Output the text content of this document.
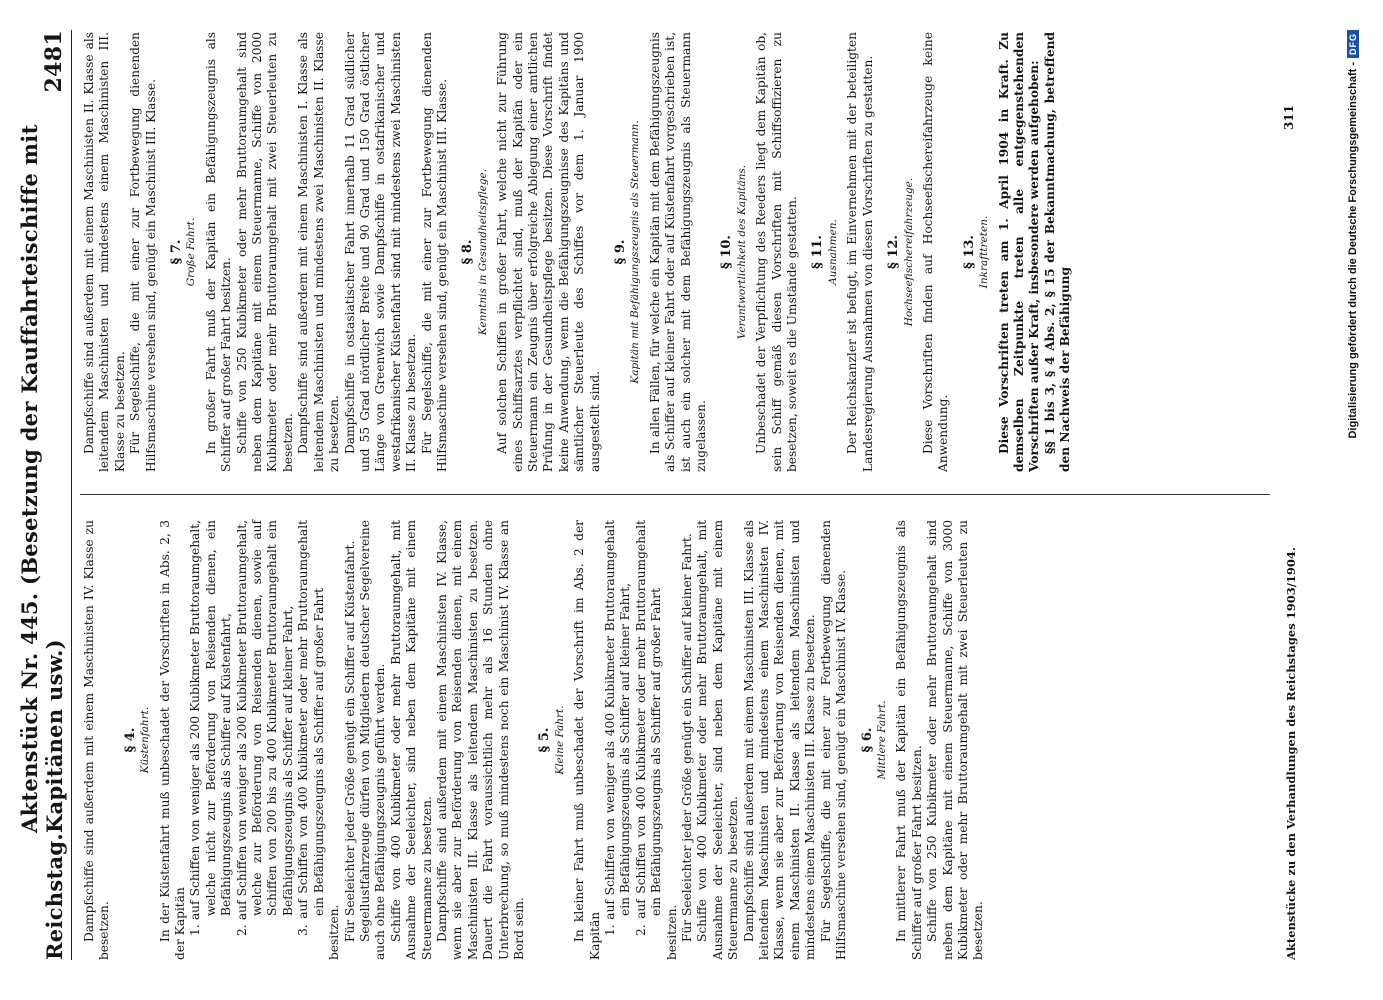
Reichstag.
Aktenstück Nr. 445. (Besetzung der Kauffahrteischiffe mit Kapitänen usw.)
2481

Dampfschiffe sind außerdem mit einem Maschinisten IV. Klasse zu besetzen.

§ 4. Küstenfahrt. In der Küstenfahrt muß unbeschadet der Vorschriften in Abs. 2, 3 der Kapitän 1. auf Schiffen von weniger als 200 Kubikmeter Bruttoraumgehalt, welche nicht zur Beförderung von Reisenden dienen, ein Befähigungszeugnis als Schiffer auf Küstenfahrt, 2. auf Schiffen von weniger als 200 Kubikmeter Bruttoraumgehalt, welche zur Beförderung von Reisenden dienen, sowie auf Schiffen von 200 bis zu 400 Kubikmeter Bruttoraumgehalt ein Befähigungszeugnis als Schiffer auf kleiner Fahrt, 3. auf Schiffen von 400 Kubikmeter oder mehr Bruttoraumgehalt ein Befähigungszeugnis als Schiffer auf großer Fahrt

besitzen. Für Seeleichter jeder Größe genügt ein Schiffer auf Küstenfahrt. Segellustfahrzeuge dürfen von Mitgliedern deutscher Segelvereine auch ohne Befähigungszeugnis geführt werden. Schiffe von 400 Kubikmeter oder mehr Bruttoraumgehalt, mit Ausnahme der Seeleichter, sind neben dem Kapitäne mit einem Steuermanne zu besetzen. Dampfschiffe sind außerdem mit einem Maschinisten IV. Klasse, wenn sie aber zur Beförderung von Reisenden dienen, mit einem Maschinisten III. Klasse als leitendem Maschinisten zu besetzen. Dauert die Fahrt voraussichtlich mehr als 16 Stunden ohne Unterbrechung, so muß mindestens noch ein Maschinist IV. Klasse an Bord sein.

§ 5. Kleine Fahrt. In kleiner Fahrt muß unbeschadet der Vorschrift im Abs. 2 der Kapitän 1. auf Schiffen von weniger als 400 Kubikmeter Bruttoraumgehalt ein Befähigungszeugnis als Schiffer auf kleiner Fahrt, 2. auf Schiffen von 400 Kubikmeter oder mehr Bruttoraumgehalt ein Befähigungszeugnis als Schiffer auf großer Fahrt

besitzen. Für Seeleichter jeder Größe genügt ein Schiffer auf kleiner Fahrt. Schiffe von 400 Kubikmeter oder mehr Bruttoraumgehalt, mit Ausnahme der Seeleichter, sind neben dem Kapitäne mit einem Steuermanne zu besetzen. Dampfschiffe sind außerdem mit einem Maschinisten III. Klasse als leitendem Maschinisten und mindestens einem Maschinisten IV. Klasse, wenn sie aber zur Beförderung von Reisenden dienen, mit einem Maschinisten II. Klasse als leitendem Maschinisten und mindestens einem Maschinisten III. Klasse zu besetzen. Für Segelschiffe, die mit einer zur Fortbewegung dienenden Hilfsmaschine versehen sind, genügt ein Maschinist IV. Klasse. § 6. Mittlere Fahrt. In mittlerer Fahrt muß der Kapitän ein Befähigungszeugnis als Schiffer auf großer Fahrt besitzen. Schiffe von 250 Kubikmeter oder mehr Bruttoraumgehalt sind neben dem Kapitäne mit einem Steuermanne, Schiffe von 3000 Kubikmeter oder mehr Bruttoraumgehalt mit zwei Steuerleuten zu besetzen.

Dampfschiffe sind außerdem mit einem Maschinisten II. Klasse als leitendem Maschinisten und mindestens einem Maschinisten III. Klasse zu besetzen. Für Segelschiffe, die mit einer zur Fortbewegung dienenden Hilfsmaschine versehen sind, genügt ein Maschinist III. Klasse. § 7. Große Fahrt. In großer Fahrt muß der Kapitän ein Befähigungszeugnis als Schiffer auf großer Fahrt besitzen. Schiffe von 250 Kubikmeter oder mehr Bruttoraumgehalt sind neben dem Kapitäne mit einem Steuermanne, Schiffe von 2000 Kubikmeter oder mehr Bruttoraumgehalt mit zwei Steuerleuten zu besetzen. Dampfschiffe sind außerdem mit einem Maschinisten I. Klasse als leitendem Maschinisten und mindestens zwei Maschinisten II. Klasse zu besetzen. Dampfschiffe in ostasiatischer Fahrt innerhalb 11 Grad südlicher und 55 Grad nördlicher Breite und 90 Grad und 150 Grad östlicher Länge von Greenwich sowie Dampfschiffe in ostafrikanischer und westafrikanischer Küstenfahrt sind mit mindestens zwei Maschinisten II. Klasse zu besetzen. Für Segelschiffe, die mit einer zur Fortbewegung dienenden Hilfsmaschine versehen sind, genügt ein Maschinist III. Klasse. § 8. Kenntnis in Gesundheitspflege. Auf solchen Schiffen in großer Fahrt, welche nicht zur Führung eines Schiffsarztes verpflichtet sind, muß der Kapitän oder ein Steuermann ein Zeugnis über erfolgreiche Ablegung einer amtlichen Prüfung in der Gesundheitspflege besitzen. Diese Vorschrift findet keine Anwendung, wenn die Befähigungszeugnisse des Kapitäns und sämtlicher Steuerleute des Schiffes vor dem 1. Januar 1900 ausgestellt sind.

§ 9. Kapitän mit Befähigungszeugnis als Steuermann. In allen Fällen, für welche ein Kapitän mit dem Befähigungszeugnis als Schiffer auf kleiner Fahrt oder auf Küstenfahrt vorgeschrieben ist, ist auch ein solcher mit dem Befähigungszeugnis als Steuermann zugelassen.

§ 10. Verantwortlichkeit des Kapitäns. Unbeschadet der Verpflichtung des Reeders liegt dem Kapitän ob, sein Schiff gemäß diesen Vorschriften mit Schiffsoffizieren zu besetzen, soweit es die Umstände gestatten. § 11. Ausnahmen. Der Reichskanzler ist befugt, im Einvernehmen mit der beteiligten Landesregierung Ausnahmen von diesen Vorschriften zu gestatten. § 12. Hochseefischereifahrzeuge. Diese Vorschriften finden auf Hochseefischereifahrzeuge keine Anwendung.

§ 13. Inkrafttreten. Diese Vorschriften treten am 1. April 1904 in Kraft. Zu demselben Zeitpunkte treten alle entgegenstehenden Vorschriften außer Kraft, insbesondere werden aufgehoben: §§ 1 bis 3, § 4 Abs. 2, § 15 der Bekanntmachung, betreffend den Nachweis der Befähigung

Aktenstücke zu den Verhandlungen des Reichstages 1903/1904.
311	Digitalisierung gefördert durch die Deutsche Forschungsgemeinschaft -
DFG
